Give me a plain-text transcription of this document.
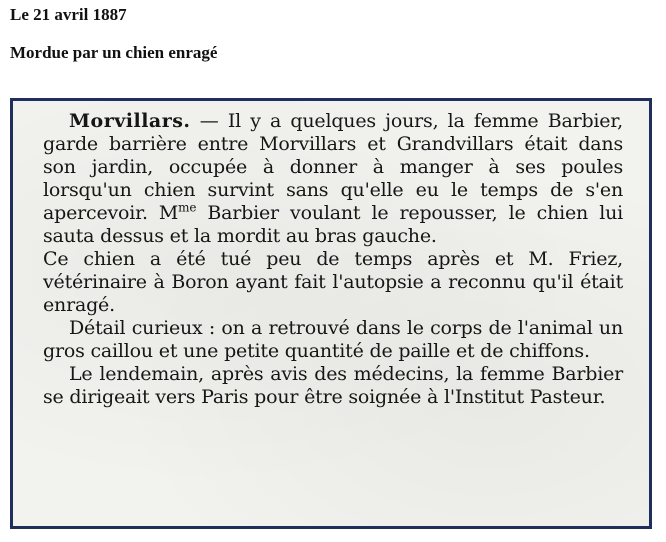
Le 21 avril 1887
Mordue par un chien enragé

Morvillars. — Il y a quelques jours, la femme Barbier, garde barrière entre Morvillars et Grandvillars était dans son jardin, occupée à donner à manger à ses poules lorsqu'un chien survint sans qu'elle eu le temps de s'en apercevoir. $M^{me}$ Barbier voulant le repousser, le chien lui sauta dessus et la mordit au bras gauche.

Ce chien a été tué peu de temps après et M. Friez, vétérinaire à Boron ayant fait l'autopsie a reconnu qu'il était enragé.

Détail curieux : on a retrouvé dans le corps de l'animal un gros caillou et une petite quantité de paille et de chiffons.

Le lendemain, après avis des médecins, la femme Barbier se dirigeait vers Paris pour être soignée à l'Institut Pasteur.
